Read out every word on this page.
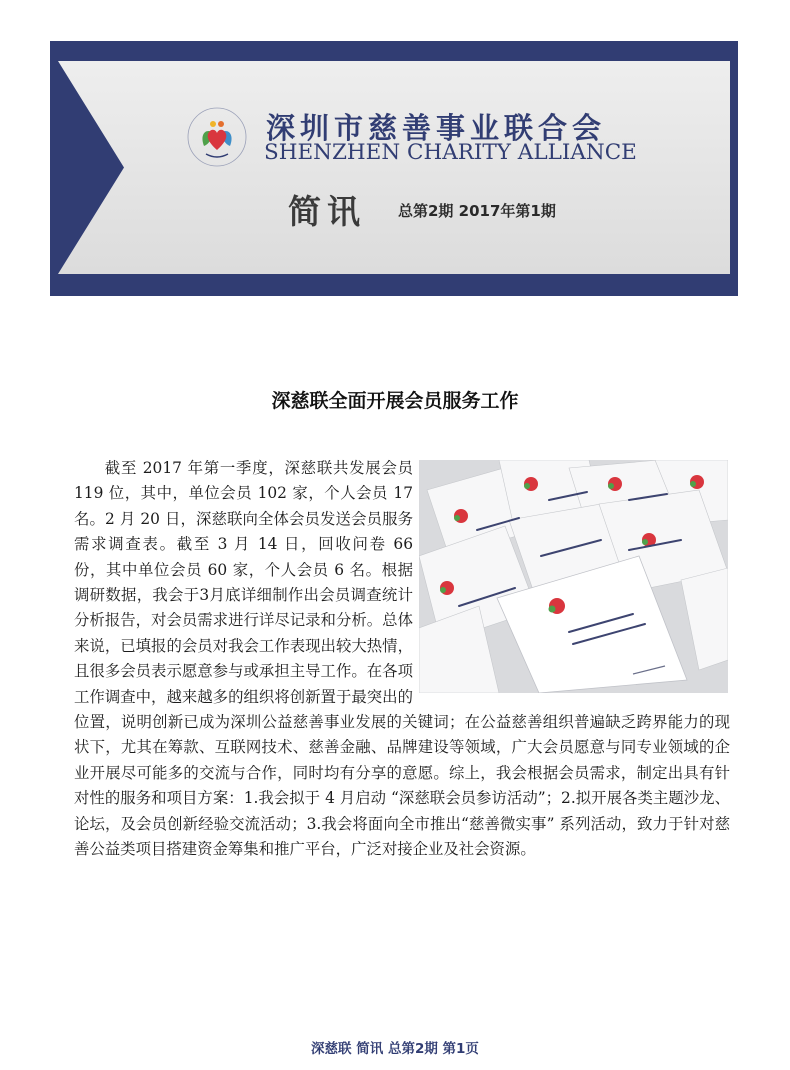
深圳市慈善事业联合会
SHENZHEN CHARITY ALLIANCE
简讯 总第2期 2017年第1期
深慈联全面开展会员服务工作

截至 2017 年第一季度，深慈联共发展会员 119 位，其中，单位会员 102 家，个人会员 17 名。2 月 20 日，深慈联向全体会员发送会员服务需求调查表。截至 3 月 14 日，回收问卷 66 份，其中单位会员 60 家，个人会员 6 名。根据调研数据，我会于3月底详细制作出会员调查统计分析报告，对会员需求进行详尽记录和分析。总体来说，已填报的会员对我会工作表现出较大热情，且很多会员表示愿意参与或承担主导工作。在各项工作调查中，越来越多的组织将创新置于最突出的位置，说明创新已成为深圳公益慈善事业发展的关键词；在公益慈善组织普遍缺乏跨界能力的现状下，尤其在筹款、互联网技术、慈善金融、品牌建设等领域，广大会员愿意与同专业领域的企业开展尽可能多的交流与合作，同时均有分享的意愿。综上，我会根据会员需求，制定出具有针对性的服务和项目方案：1.我会拟于 4 月启动 “深慈联会员参访活动”；2.拟开展各类主题沙龙、论坛，及会员创新经验交流活动；3.我会将面向全市推出“慈善微实事” 系列活动，致力于针对慈善公益类项目搭建资金筹集和推广平台，广泛对接企业及社会资源。

深慈联 简讯 总第2期 第1页
